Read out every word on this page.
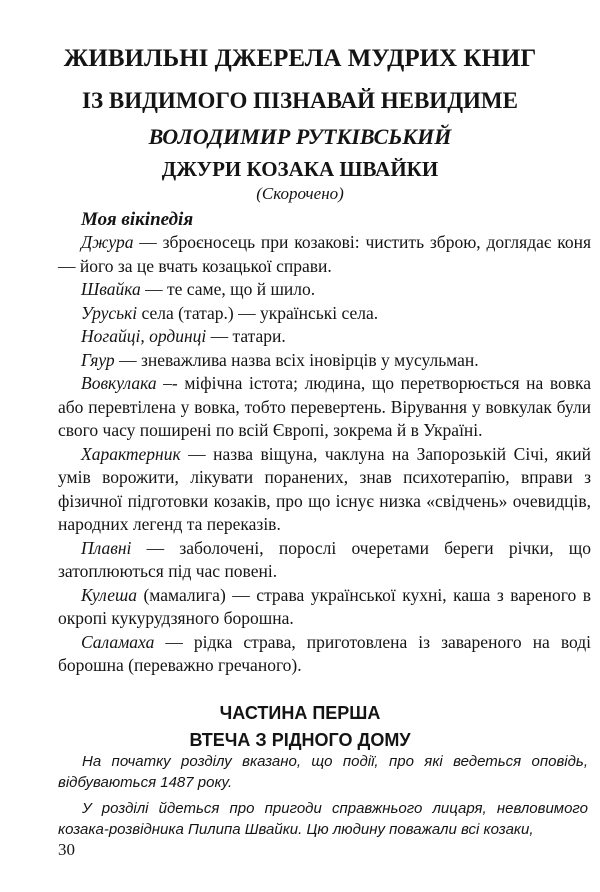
ЖИВИЛЬНІ ДЖЕРЕЛА МУДРИХ КНИГ
ІЗ ВИДИМОГО ПІЗНАВАЙ НЕВИДИМЕ
ВОЛОДИМИР РУТКІВСЬКИЙ
ДЖУРИ КОЗАКА ШВАЙКИ
(Скорочено)
Моя вікіпедія

Джура — зброєносець при козакові: чистить зброю, доглядає коня — його за це вчать козацької справи.

Швайка — те саме, що й шило.

Уруські села (татар.) — українські села.

Ногайці, ординці — татари.

Гяур — зневажлива назва всіх іновірців у мусульман.

Вовкулака –- міфічна істота; людина, що перетворюється на вовка або перевтілена у вовка, тобто перевертень. Вірування у вовкулак були свого часу поширені по всій Європі, зокрема й в Україні.

Характерник — назва віщуна, чаклуна на Запорозькій Січі, який умів ворожити, лікувати поранених, знав психотерапію, вправи з фізичної підготовки козаків, про що існує низка «свідчень» очевидців, народних легенд та переказів.

Плавні — заболочені, порослі очеретами береги річки, що затоплюються під час повені.

Кулеша (мамалига) — страва української кухні, каша з вареного в окропі кукурудзяного борошна.

Саламаха — рідка страва, приготовлена із завареного на воді борошна (переважно гречаного).

ЧАСТИНА ПЕРША
ВТЕЧА З РІДНОГО ДОМУ

На початку розділу вказано, що події, про які ведеться оповідь, відбуваються 1487 року.

У розділі йдеться про пригоди справжнього лицаря, невловимого козака-розвідника Пилипа Швайки. Цю людину поважали всі козаки,

30
